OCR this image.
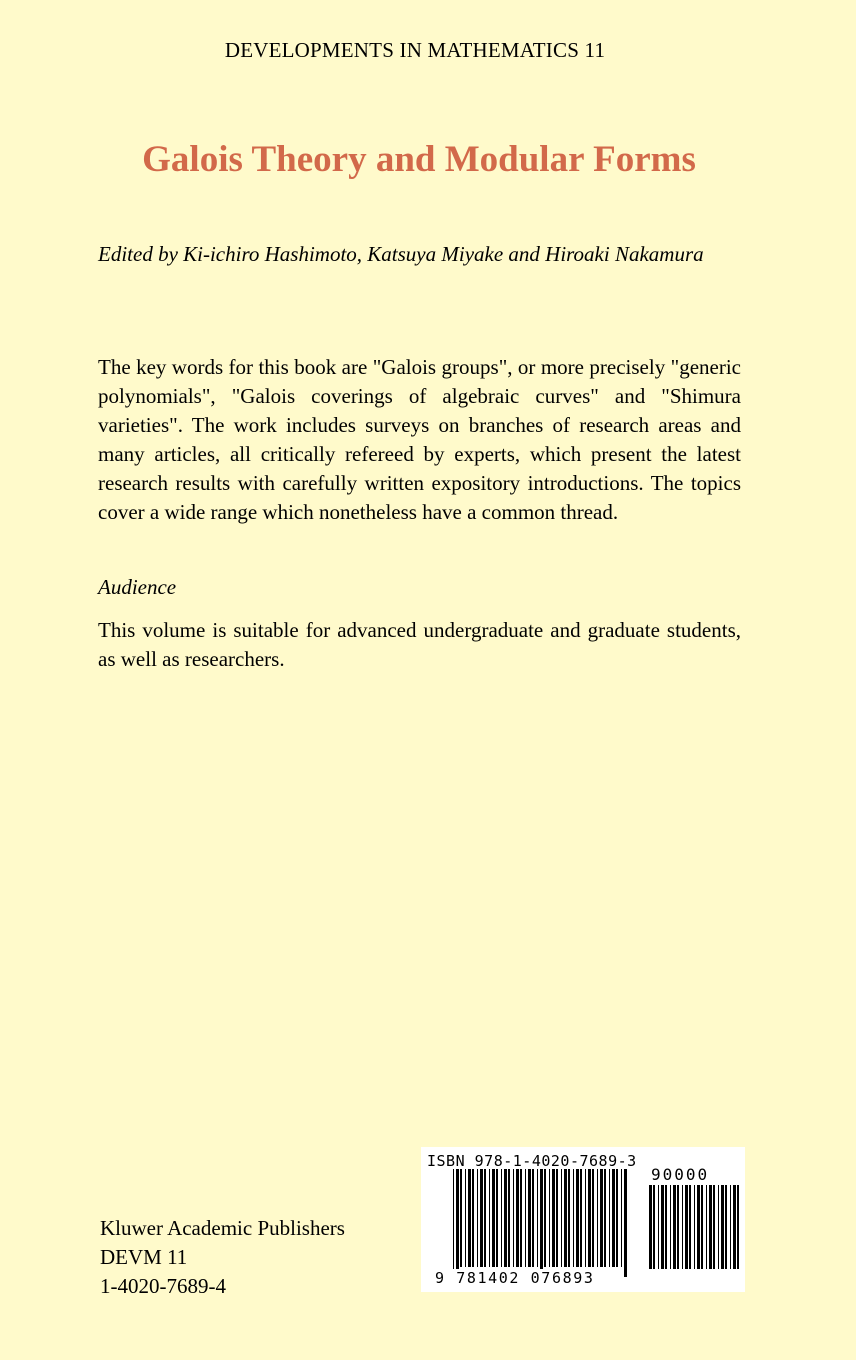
DEVELOPMENTS IN MATHEMATICS 11
Galois Theory and Modular Forms
Edited by Ki-ichiro Hashimoto, Katsuya Miyake and Hiroaki Nakamura

The key words for this book are "Galois groups", or more precisely "generic polynomials", "Galois coverings of algebraic curves" and "Shimura varieties". The work includes surveys on branches of research areas and many articles, all critically refereed by experts, which present the latest research results with carefully written expository introductions. The topics cover a wide range which nonetheless have a common thread.

Audience

This volume is suitable for advanced undergraduate and graduate students, as well as researchers.

Kluwer Academic Publishers
DEVM 11
1-4020-7689-4
ISBN 978-1-4020-7689-3
90000
9 781402 076893
